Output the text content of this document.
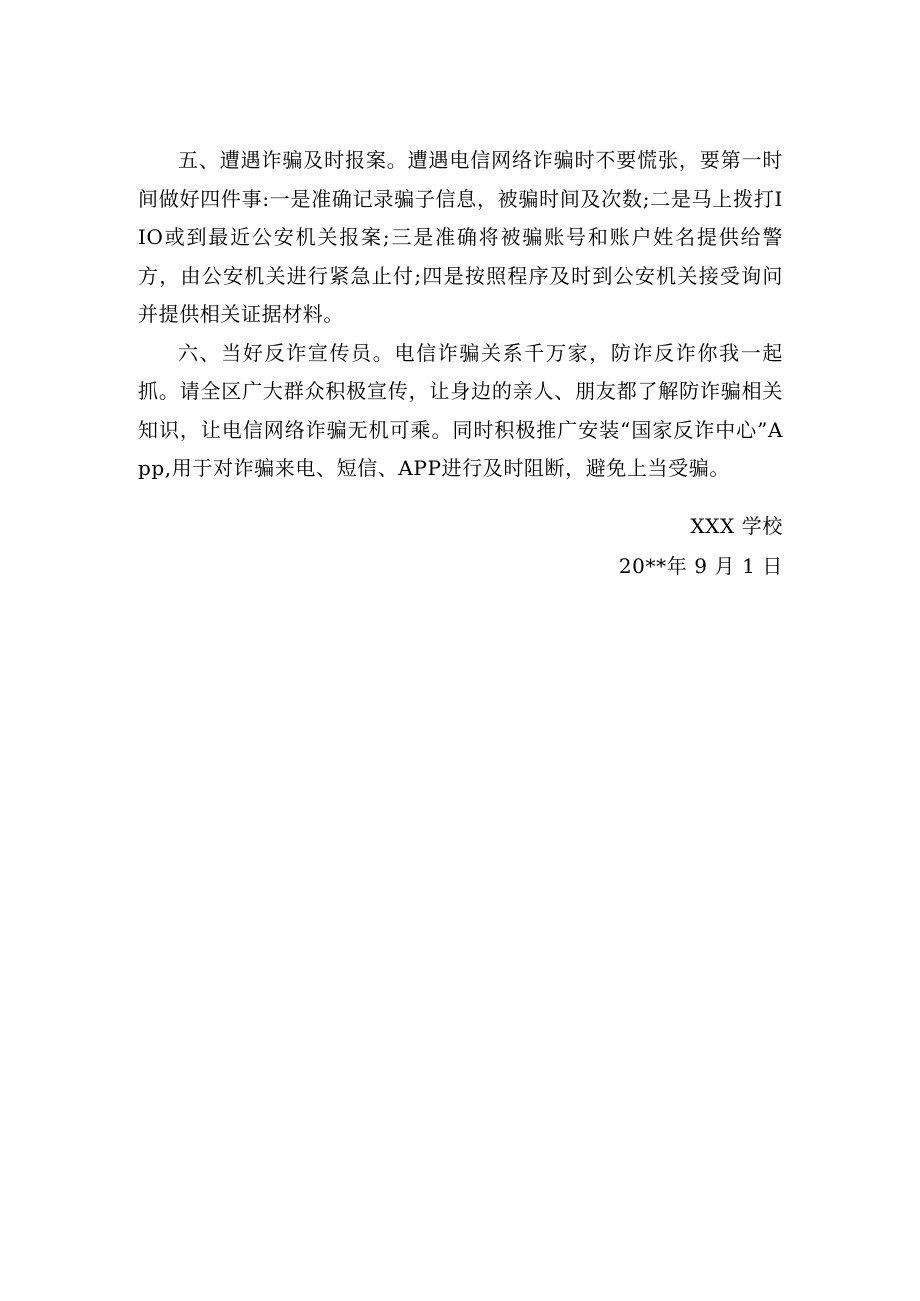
五、遭遇诈骗及时报案。遭遇电信网络诈骗时不要慌张，要第一时间做好四件事:一是准确记录骗子信息，被骗时间及次数;二是马上拨打IIO或到最近公安机关报案;三是准确将被骗账号和账户姓名提供给警方，由公安机关进行紧急止付;四是按照程序及时到公安机关接受询问并提供相关证据材料。

六、当好反诈宣传员。电信诈骗关系千万家，防诈反诈你我一起抓。请全区广大群众积极宣传，让身边的亲人、朋友都了解防诈骗相关知识，让电信网络诈骗无机可乘。同时积极推广安装“国家反诈中心”App,用于对诈骗来电、短信、APP进行及时阻断，避免上当受骗。

XXX 学校

20**年 9 月 1 日
